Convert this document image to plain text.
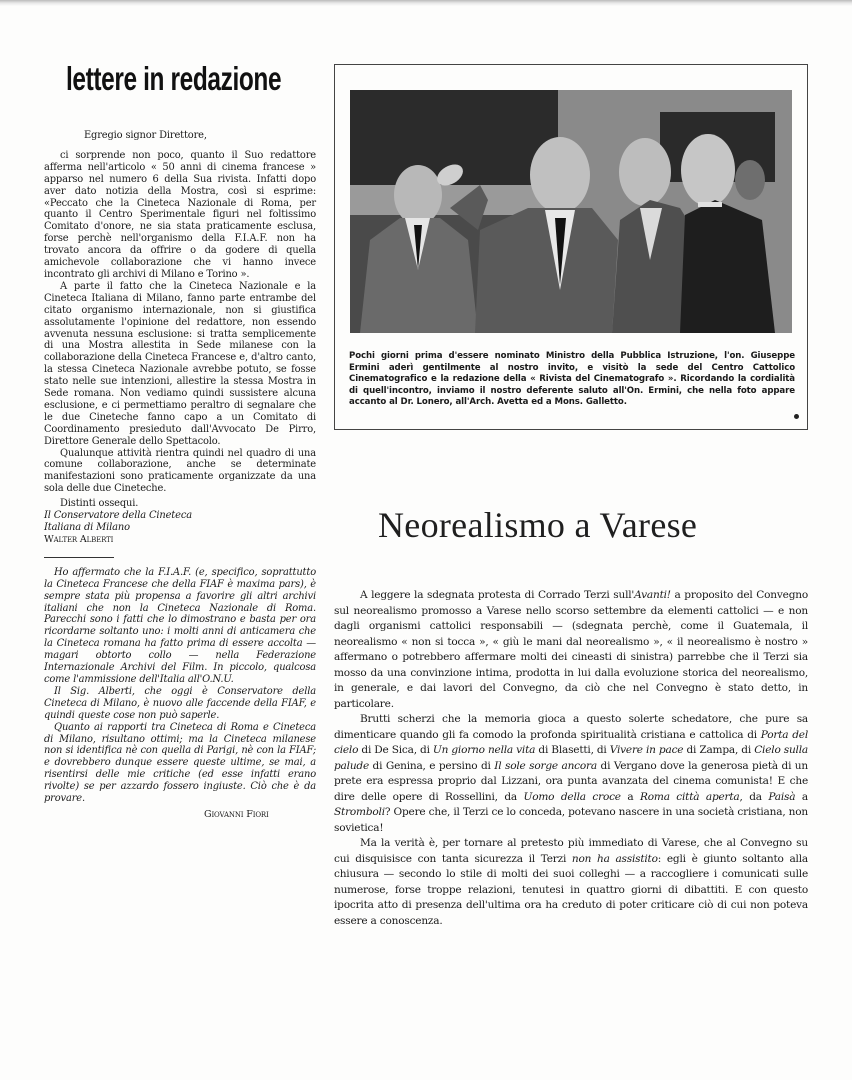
lettere in redazione

Egregio signor Direttore,

ci sorprende non poco, quanto il Suo redattore afferma nell'articolo « 50 anni di cinema francese » apparso nel numero 6 della Sua rivista. Infatti dopo aver dato notizia della Mostra, così si esprime: «Peccato che la Cineteca Nazionale di Roma, per quanto il Centro Sperimentale figuri nel foltissimo Comitato d'onore, ne sia stata praticamente esclusa, forse perchè nell'organismo della F.I.A.F. non ha trovato ancora da offrire o da godere di quella amichevole collaborazione che vi hanno invece incontrato gli archivi di Milano e Torino ».

A parte il fatto che la Cineteca Nazionale e la Cineteca Italiana di Milano, fanno parte entrambe del citato organismo internazionale, non si giustifica assolutamente l'opinione del redattore, non essendo avvenuta nessuna esclusione: si tratta semplicemente di una Mostra allestita in Sede milanese con la collaborazione della Cineteca Francese e, d'altro canto, la stessa Cineteca Nazionale avrebbe potuto, se fosse stato nelle sue intenzioni, allestire la stessa Mostra in Sede romana. Non vediamo quindi sussistere alcuna esclusione, e ci permettiamo peraltro di segnalare che le due Cineteche fanno capo a un Comitato di Coordinamento presieduto dall'Avvocato De Pirro, Direttore Generale dello Spettacolo.

Qualunque attività rientra quindi nel quadro di una comune collaborazione, anche se determinate manifestazioni sono praticamente organizzate da una sola delle due Cineteche.

Distinti ossequi.

Il Conservatore della Cineteca
Italiana di Milano

Walter Alberti

Ho affermato che la F.I.A.F. (e, specifico, soprattutto la Cineteca Francese che della FIAF è maxima pars), è sempre stata più propensa a favorire gli altri archivi italiani che non la Cineteca Nazionale di Roma. Parecchi sono i fatti che lo dimostrano e basta per ora ricordarne soltanto uno: i molti anni di anticamera che la Cineteca romana ha fatto prima di essere accolta — magari obtorto collo — nella Federazione Internazionale Archivi del Film. In piccolo, qualcosa come l'ammissione dell'Italia all'O.N.U.

Il Sig. Alberti, che oggi è Conservatore della Cineteca di Milano, è nuovo alle faccende della FIAF, e quindi queste cose non può saperle.

Quanto ai rapporti tra Cineteca di Roma e Cineteca di Milano, risultano ottimi; ma la Cineteca milanese non si identifica nè con quella di Parigi, nè con la FIAF; e dovrebbero dunque essere queste ultime, se mai, a risentirsi delle mie critiche (ed esse infatti erano rivolte) se per azzardo fossero ingiuste. Ciò che è da provare.

Giovanni Fiori

Pochi giorni prima d'essere nominato Ministro della Pubblica Istruzione, l'on. Giuseppe Ermini aderì gentilmente al nostro invito, e visitò la sede del Centro Cattolico Cinematografico e la redazione della « Rivista del Cinematografo ». Ricordando la cordialità di quell'incontro, inviamo il nostro deferente saluto all'On. Ermini, che nella foto appare accanto al Dr. Lonero, all'Arch. Avetta ed a Mons. Galletto.
Neorealismo a Varese

A leggere la sdegnata protesta di Corrado Terzi sull'Avanti! a proposito del Convegno sul neorealismo promosso a Varese nello scorso settembre da elementi cattolici — e non dagli organismi cattolici responsabili — (sdegnata perchè, come il Guatemala, il neorealismo « non si tocca », « giù le mani dal neorealismo », « il neorealismo è nostro » affermano o potrebbero affermare molti dei cineasti di sinistra) parrebbe che il Terzi sia mosso da una convinzione intima, prodotta in lui dalla evoluzione storica del neorealismo, in generale, e dai lavori del Convegno, da ciò che nel Convegno è stato detto, in particolare.

Brutti scherzi che la memoria gioca a questo solerte schedatore, che pure sa dimenticare quando gli fa comodo la profonda spiritualità cristiana e cattolica di Porta del cielo di De Sica, di Un giorno nella vita di Blasetti, di Vivere in pace di Zampa, di Cielo sulla palude di Genina, e persino di Il sole sorge ancora di Vergano dove la generosa pietà di un prete era espressa proprio dal Lizzani, ora punta avanzata del cinema comunista! E che dire delle opere di Rossellini, da Uomo della croce a Roma città aperta, da Paisà a Stromboli? Opere che, il Terzi ce lo conceda, potevano nascere in una società cristiana, non sovietica!

Ma la verità è, per tornare al pretesto più immediato di Varese, che al Convegno su cui disquisisce con tanta sicurezza il Terzi non ha assistito: egli è giunto soltanto alla chiusura — secondo lo stile di molti dei suoi colleghi — a raccogliere i comunicati sulle numerose, forse troppe relazioni, tenutesi in quattro giorni di dibattiti. E con questo ipocrita atto di presenza dell'ultima ora ha creduto di poter criticare ciò di cui non poteva essere a conoscenza.
